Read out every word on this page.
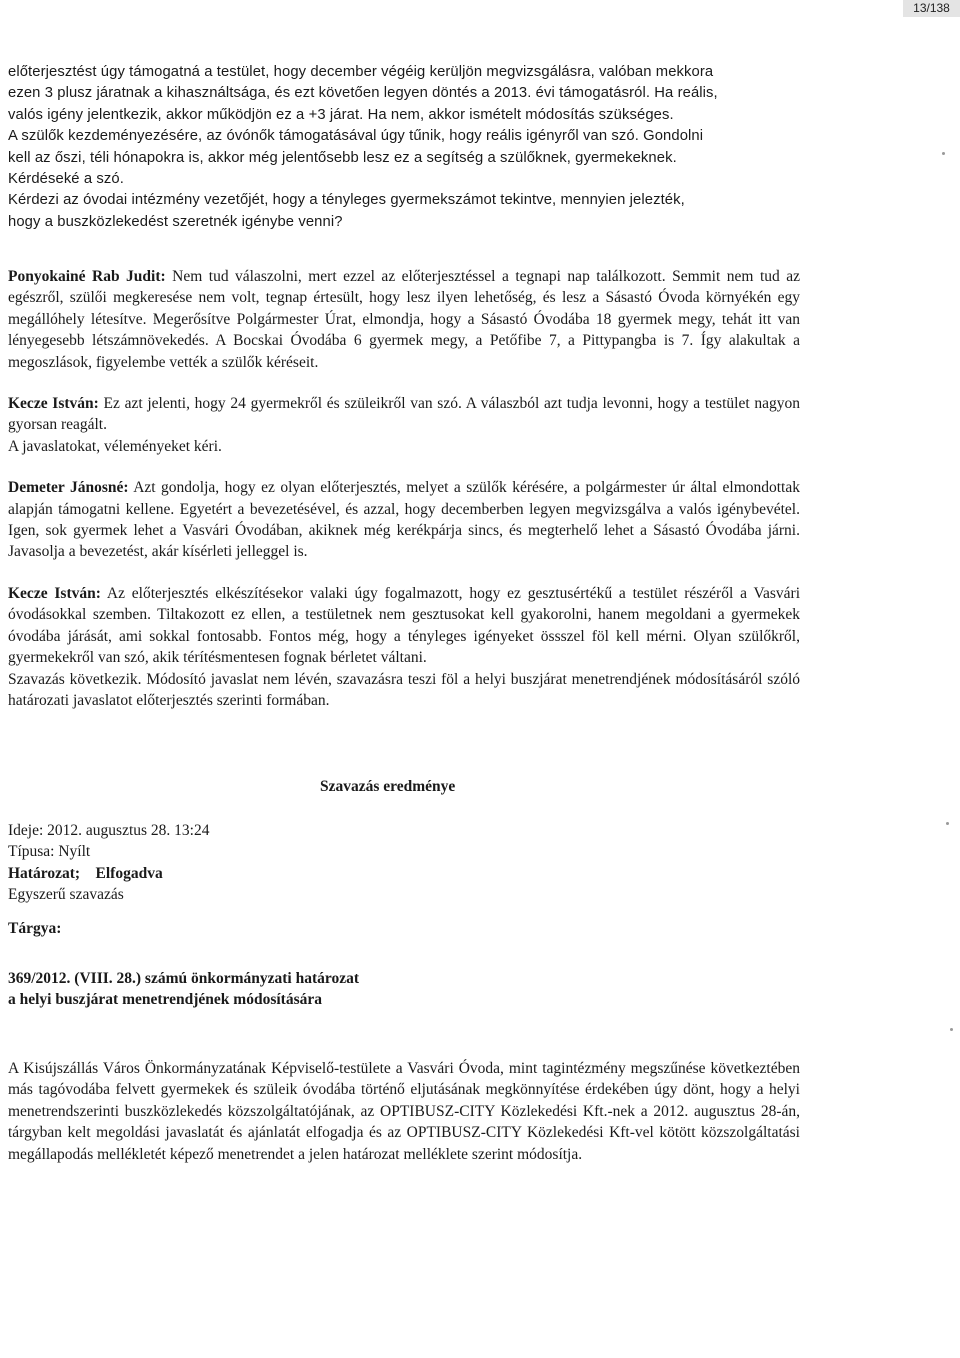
13/138

előterjesztést úgy támogatná a testület, hogy december végéig kerüljön megvizsgálásra, valóban mekkora

ezen 3 plusz járatnak a kihasználtsága, és ezt követően legyen döntés a 2013. évi támogatásról. Ha reális,

valós igény jelentkezik, akkor működjön ez a +3 járat. Ha nem, akkor ismételt módosítás szükséges.

A szülők kezdeményezésére, az óvónők támogatásával úgy tűnik, hogy reális igényről van szó. Gondolni

kell az őszi, téli hónapokra is, akkor még jelentősebb lesz ez a segítség a szülőknek, gyermekeknek.

Kérdéseké a szó.

Kérdezi az óvodai intézmény vezetőjét, hogy a tényleges gyermekszámot tekintve, mennyien jelezték,

hogy a buszközlekedést szeretnék igénybe venni?

Ponyokainé Rab Judit: Nem tud válaszolni, mert ezzel az előterjesztéssel a tegnapi nap találkozott. Semmit nem tud az egészről, szülői megkeresése nem volt, tegnap értesült, hogy lesz ilyen lehetőség, és lesz a Sásastó Óvoda környékén egy megállóhely létesítve. Megerősítve Polgármester Úrat, elmondja, hogy a Sásastó Óvodába 18 gyermek megy, tehát itt van lényegesebb létszámnövekedés. A Bocskai Óvodába 6 gyermek megy, a Petőfibe 7, a Pittypangba is 7. Így alakultak a megoszlások, figyelembe vették a szülők kéréseit.

Kecze István: Ez azt jelenti, hogy 24 gyermekről és szüleikről van szó. A válaszból azt tudja levonni, hogy a testület nagyon gyorsan reagált.

A javaslatokat, véleményeket kéri.

Demeter Jánosné: Azt gondolja, hogy ez olyan előterjesztés, melyet a szülők kérésére, a polgármester úr által elmondottak alapján támogatni kellene. Egyetért a bevezetésével, és azzal, hogy decemberben legyen megvizsgálva a valós igénybevétel. Igen, sok gyermek lehet a Vasvári Óvodában, akiknek még kerékpárja sincs, és megterhelő lehet a Sásastó Óvodába járni. Javasolja a bevezetést, akár kísérleti jelleggel is.

Kecze István: Az előterjesztés elkészítésekor valaki úgy fogalmazott, hogy ez gesztusértékű a testület részéről a Vasvári óvodásokkal szemben. Tiltakozott ez ellen, a testületnek nem gesztusokat kell gyakorolni, hanem megoldani a gyermekek óvodába járását, ami sokkal fontosabb. Fontos még, hogy a tényleges igényeket össszel föl kell mérni. Olyan szülőkről, gyermekekről van szó, akik térítésmentesen fognak bérletet váltani.

Szavazás következik. Módosító javaslat nem lévén, szavazásra teszi föl a helyi buszjárat menetrendjének módosításáról szóló határozati javaslatot előterjesztés szerinti formában.

Szavazás eredménye

Ideje: 2012. augusztus 28. 13:24

Típusa: Nyílt

Határozat; Elfogadva

Egyszerű szavazás

Tárgya:

369/2012. (VIII. 28.) számú önkormányzati határozat

a helyi buszjárat menetrendjének módosítására

A Kisújszállás Város Önkormányzatának Képviselő-testülete a Vasvári Óvoda, mint tagintézmény megszűnése következtében más tagóvodába felvett gyermekek és szüleik óvodába történő eljutásának megkönnyítése érdekében úgy dönt, hogy a helyi menetrendszerinti buszközlekedés közszolgáltatójának, az OPTIBUSZ-CITY Közlekedési Kft.-nek a 2012. augusztus 28-án, tárgyban kelt megoldási javaslatát és ajánlatát elfogadja és az OPTIBUSZ-CITY Közlekedési Kft-vel kötött közszolgáltatási megállapodás mellékletét képező menetrendet a jelen határozat melléklete szerint módosítja.
